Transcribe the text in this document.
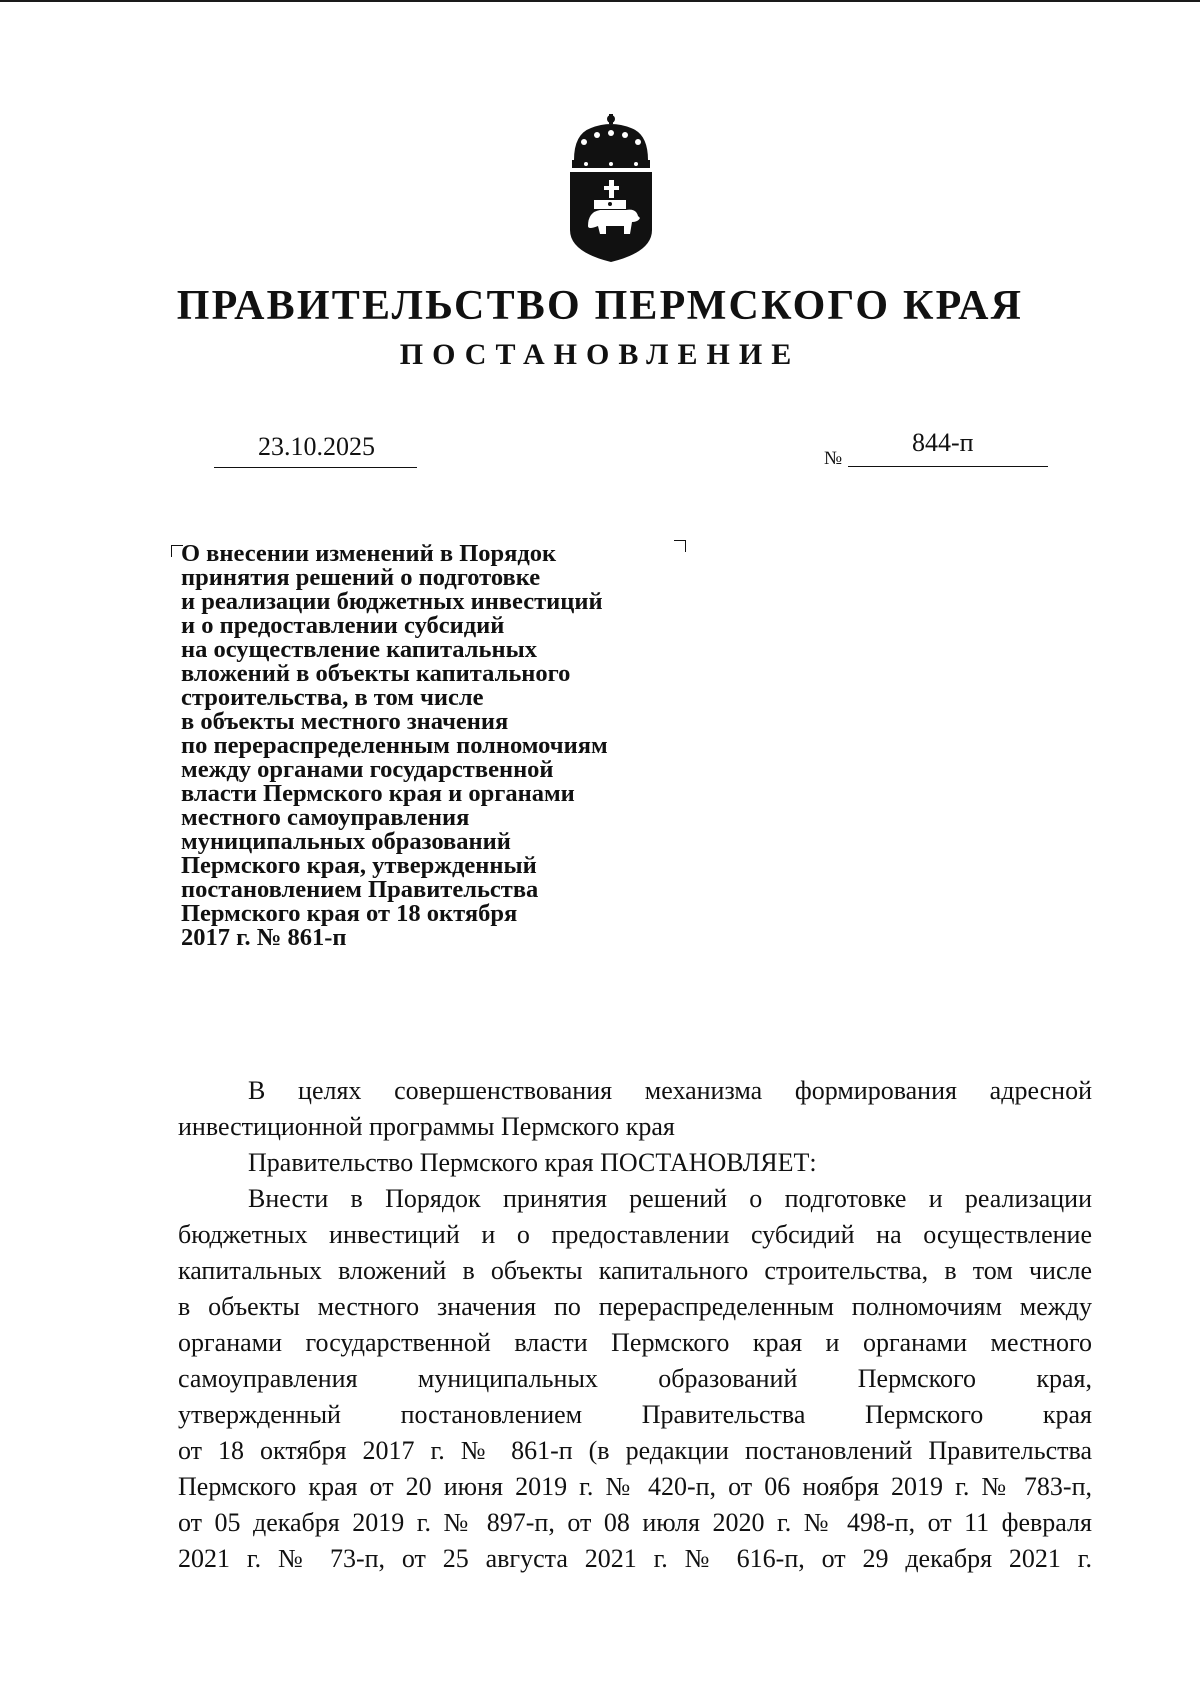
ПРАВИТЕЛЬСТВО ПЕРМСКОГО КРАЯ
ПОСТАНОВЛЕНИЕ
23.10.2025	№
844-п
О внесении изменений в Порядок
принятия решений о подготовке
и реализации бюджетных инвестиций
и о предоставлении субсидий
на осуществление капитальных
вложений в объекты капитального
строительства, в том числе
в объекты местного значения
по перераспределенным полномочиям
между органами государственной
власти Пермского края и органами
местного самоуправления
муниципальных образований
Пермского края, утвержденный
постановлением Правительства
Пермского края от 18 октября
2017 г. № 861-п
В целях совершенствования механизма формирования адресной
инвестиционной программы Пермского края
Правительство Пермского края ПОСТАНОВЛЯЕТ:
Внести в Порядок принятия решений о подготовке и реализации
бюджетных инвестиций и о предоставлении субсидий на осуществление
капитальных вложений в объекты капитального строительства, в том числе
в объекты местного значения по перераспределенным полномочиям между
органами государственной власти Пермского края и органами местного
самоуправления муниципальных образований Пермского края,
утвержденный постановлением Правительства Пермского края
от 18 октября 2017 г. № 861-п (в редакции постановлений Правительства
Пермского края от 20 июня 2019 г. № 420-п, от 06 ноября 2019 г. № 783-п,
от 05 декабря 2019 г. № 897-п, от 08 июля 2020 г. № 498-п, от 11 февраля
2021 г. № 73-п, от 25 августа 2021 г. № 616-п, от 29 декабря 2021 г.
